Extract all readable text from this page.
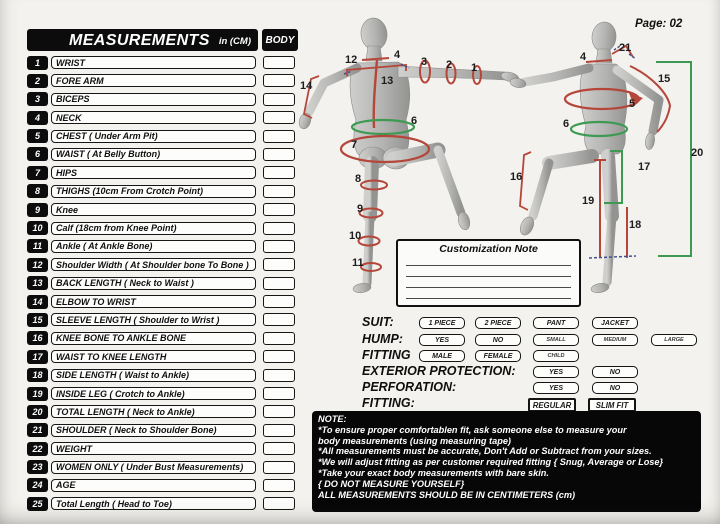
MEASUREMENTS in (CM)	BODY
1	WRIST
2	FORE ARM
3	BICEPS
4	NECK
5	CHEST ( Under Arm Pit)
6	WAIST ( At Belly Button)
7	HIPS
8	THIGHS (10cm From Crotch Point)
9	Knee
10	Calf (18cm from Knee Point)
11	Ankle ( At Ankle Bone)
12	Shoulder Width ( At Shoulder bone To Bone )
13	BACK LENGTH ( Neck to Waist )
14	ELBOW TO WRIST
15	SLEEVE LENGTH ( Shoulder to Wrist )
16	KNEE BONE TO ANKLE BONE
17	WAIST TO KNEE LENGTH
18	SIDE LENGTH ( Waist to Ankle)
19	INSIDE LEG ( Crotch to Ankle)
20	TOTAL LENGTH ( Neck to Ankle)
21	SHOULDER ( Neck to Shoulder Bone)
22	WEIGHT
23	WOMEN ONLY ( Under Bust Measurements)
24	AGE
25	Total Length ( Head to Toe)
Page: 02
12	4
3 2 1
14	13
6
7
8
9
10
11
21
4
15
5
6
16
17
19
18
20
Customization Note
SUIT:	1 PIECE	2 PIECE	PANT	JACKET
HUMP:	YES	NO	SMALL	MEDIUM	LARGE
FITTING	MALE	FEMALE	CHILD
EXTERIOR PROTECTION:	YES	NO
PERFORATION:	YES	NO
FITTING:	REGULAR	SLIM FIT
NOTE:
*To ensure proper comfortablen fit, ask someone else to measure your
body measurements (using measuring tape)
*All measurements must be accurate, Don't Add or Subtract from your sizes.
*We will adjust fitting as per customer required fitting { Snug, Average or Lose}
*Take your exact body measurements with bare skin.
{ DO NOT MEASURE YOURSELF}
ALL MEASUREMENTS SHOULD BE IN CENTIMETERS (cm)
